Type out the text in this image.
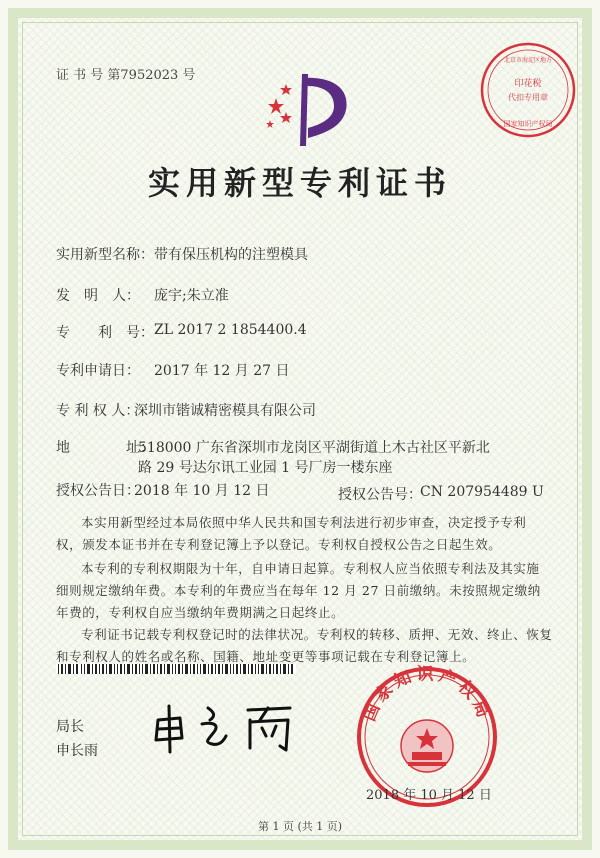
证 书 号 第7952023 号
印花税
代扣专用章
北京市海淀区地方
国家知识产权局
实用新型专利证书
实用新型名称： 带有保压机构的注塑模具
发　明　人： 庞宇;朱立准
专　　利　号： ZL 2017 2 1854400.4
专利申请日： 2017 年 12 月 27 日
专 利 权 人：
深圳市锴诚精密模具有限公司
地　　　　址：
518000 广东省深圳市龙岗区平湖街道上木古社区平新北
路 29 号达尔讯工业园 1 号厂房一楼东座
授权公告日：
2018 年 10 月 12 日	授权公告号：
CN 207954489 U
本实用新型经过本局依照中华人民共和国专利法进行初步审查，决定授予专利权，颁发本证书并在专利登记簿上予以登记。专利权自授权公告之日起生效。
本专利的专利权期限为十年，自申请日起算。专利权人应当依照专利法及其实施细则规定缴纳年费。本专利的年费应当在每年 12 月 27 日前缴纳。未按照规定缴纳年费的，专利权自应当缴纳年费期满之日起终止。
专利证书记载专利权登记时的法律状况。专利权的转移、质押、无效、终止、恢复和专利权人的姓名或名称、国籍、地址变更等事项记载在专利登记簿上。
局长
申长雨
国家知识产权局
2018 年 10 月 12 日
第 1 页 (共 1 页)
